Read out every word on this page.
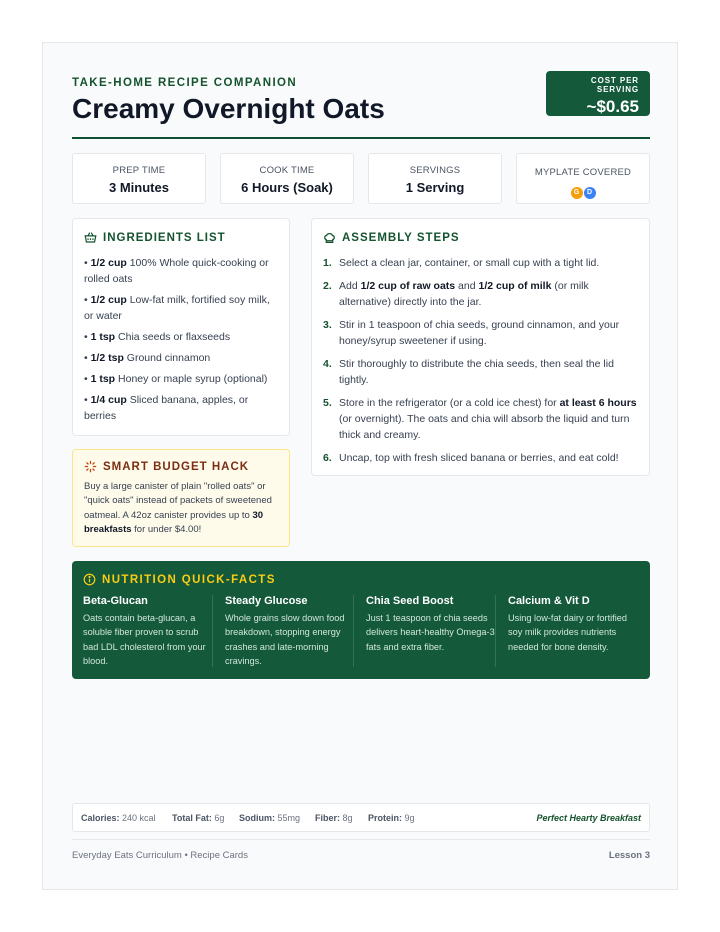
TAKE-HOME RECIPE COMPANION
Creamy Overnight Oats
COST PER SERVING
~$0.65
PREP TIME
3 Minutes
COOK TIME
6 Hours (Soak)
SERVINGS
1 Serving
MYPLATE COVERED
G D
INGREDIENTS LIST
• 1/2 cup 100% Whole quick-cooking or rolled oats
• 1/2 cup Low-fat milk, fortified soy milk, or water
• 1 tsp Chia seeds or flaxseeds
• 1/2 tsp Ground cinnamon
• 1 tsp Honey or maple syrup (optional)
• 1/4 cup Sliced banana, apples, or berries
ASSEMBLY STEPS
1. Select a clean jar, container, or small cup with a tight lid.
2. Add 1/2 cup of raw oats and 1/2 cup of milk (or milk alternative) directly into the jar.
3. Stir in 1 teaspoon of chia seeds, ground cinnamon, and your honey/syrup sweetener if using.
4. Stir thoroughly to distribute the chia seeds, then seal the lid tightly.
5. Store in the refrigerator (or a cold ice chest) for at least 6 hours (or overnight). The oats and chia will absorb the liquid and turn thick and creamy.
6. Uncap, top with fresh sliced banana or berries, and eat cold!
SMART BUDGET HACK
Buy a large canister of plain "rolled oats" or "quick oats" instead of packets of sweetened oatmeal. A 42oz canister provides up to 30 breakfasts for under $4.00!
NUTRITION QUICK-FACTS
Beta-Glucan
Oats contain beta-glucan, a soluble fiber proven to scrub bad LDL cholesterol from your blood.
Steady Glucose
Whole grains slow down food breakdown, stopping energy crashes and late-morning cravings.
Chia Seed Boost
Just 1 teaspoon of chia seeds delivers heart-healthy Omega-3 fats and extra fiber.
Calcium & Vit D
Using low-fat dairy or fortified soy milk provides nutrients needed for bone density.
Calories: 240 kcal Total Fat: 6g Sodium: 55mg Fiber: 8g Protein: 9g	Perfect Hearty Breakfast
Everyday Eats Curriculum • Recipe Cards	Lesson 3
